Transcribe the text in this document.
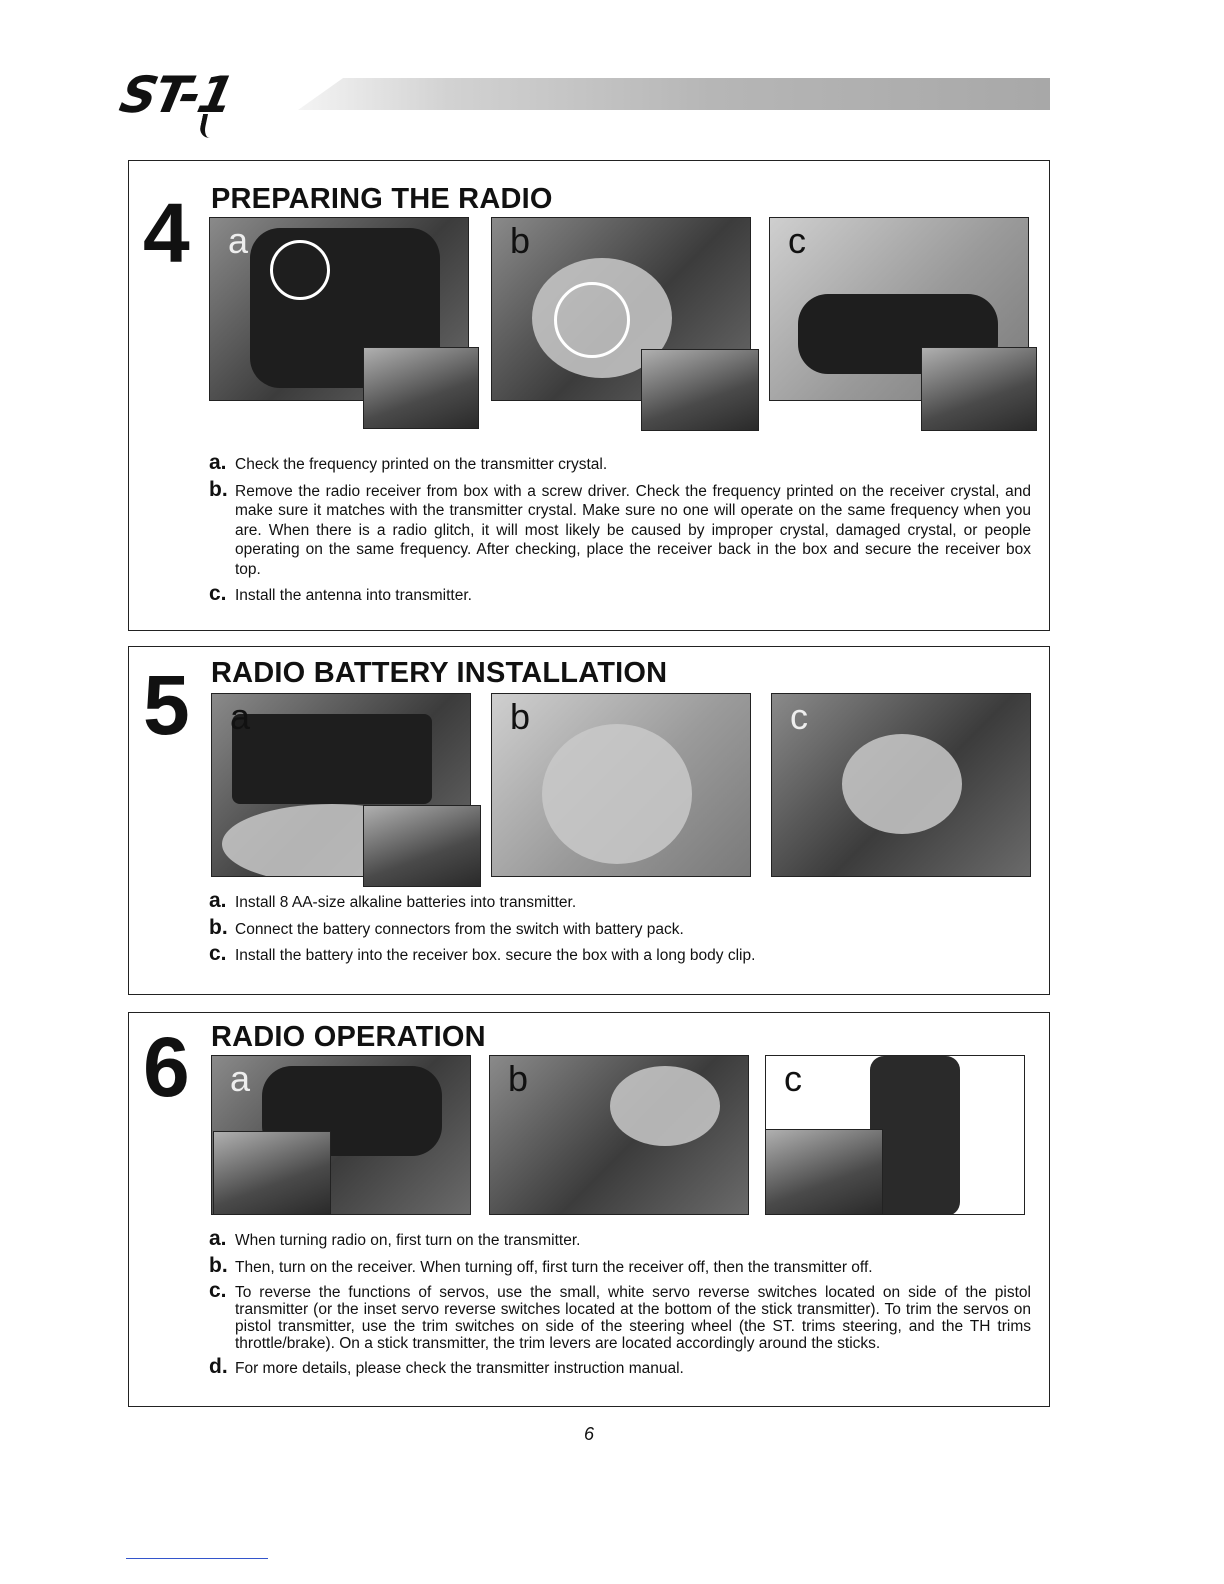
ST-1
4 PREPARING THE RADIO
a	b	c
a. Check the frequency printed on the transmitter crystal.
b. Remove the radio receiver from box with a screw driver. Check the frequency printed on the receiver crystal, and make sure it matches with the transmitter crystal. Make sure no one will operate on the same frequency when you are. When there is a radio glitch, it will most likely be caused by improper crystal, damaged crystal, or people operating on the same frequency. After checking, place the receiver back in the box and secure the receiver box top.
c. Install the antenna into transmitter.
5 RADIO BATTERY INSTALLATION
a	b	c
a. Install 8 AA-size alkaline batteries into transmitter.
b. Connect the battery connectors from the switch with battery pack.
c. Install the battery into the receiver box. secure the box with a long body clip.
6 RADIO OPERATION
a	b	c
a. When turning radio on, first turn on the transmitter.
b. Then, turn on the receiver. When turning off, first turn the receiver off, then the transmitter off.
c. To reverse the functions of servos, use the small, white servo reverse switches located on side of the pistol transmitter (or the inset servo reverse switches located at the bottom of the stick transmitter). To trim the servos on pistol transmitter, use the trim switches on side of the steering wheel (the ST. trims steering, and the TH trims throttle/brake). On a stick transmitter, the trim levers are located accordingly around the sticks.
d. For more details, please check the transmitter instruction manual.
6
